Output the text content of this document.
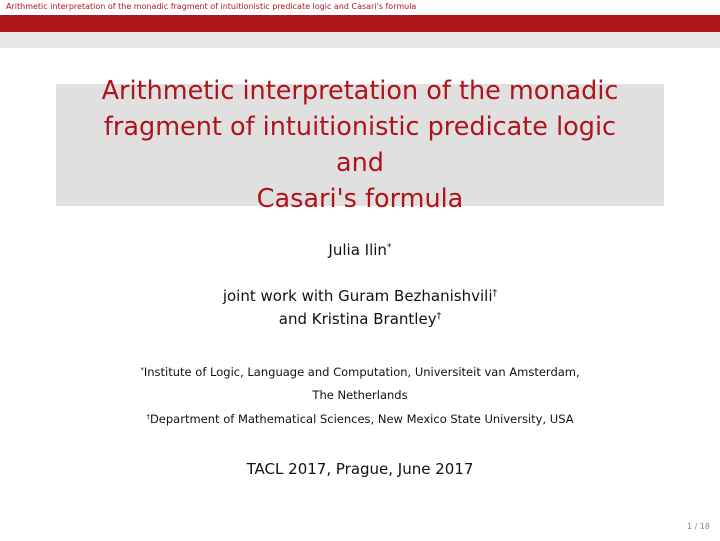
Arithmetic interpretation of the monadic fragment of intuitionistic predicate logic and Casari's formula
Arithmetic interpretation of the monadic
fragment of intuitionistic predicate logic and
Casari's formula
Julia Ilin*
joint work with Guram Bezhanishvili†
and Kristina Brantley†
*Institute of Logic, Language and Computation, Universiteit van Amsterdam,
The Netherlands
†Department of Mathematical Sciences, New Mexico State University, USA
TACL 2017, Prague, June 2017
1 / 18
